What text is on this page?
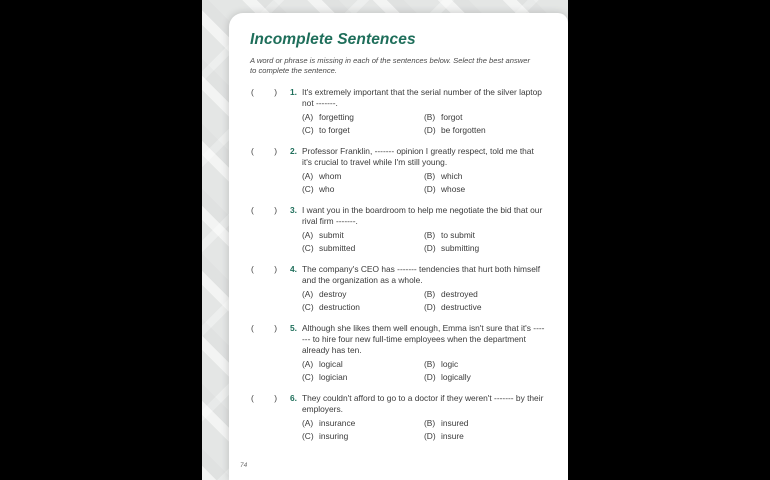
Incomplete Sentences

A word or phrase is missing in each of the sentences below. Select the best answer to complete the sentence.

( )	1. It's extremely important that the serial number of the silver laptop not -------.

(A) forgetting	(B) forgot
(C) to forget	(D) be forgotten
( )	2. Professor Franklin, ------- opinion I greatly respect, told me that it's crucial to travel while I'm still young.

(A) whom	(B) which
(C) who	(D) whose
( )	3. I want you in the boardroom to help me negotiate the bid that our rival firm -------.

(A) submit	(B) to submit
(C) submitted	(D) submitting
( )	4. The company's CEO has ------- tendencies that hurt both himself and the organization as a whole.

(A) destroy	(B) destroyed
(C) destruction	(D) destructive
( )	5. Although she likes them well enough, Emma isn't sure that it's ------- to hire four new full-time employees when the department already has ten.

(A) logical	(B) logic
(C) logician	(D) logically
( )	6. They couldn't afford to go to a doctor if they weren't ------- by their employers.

(A) insurance	(B) insured
(C) insuring	(D) insure
74
